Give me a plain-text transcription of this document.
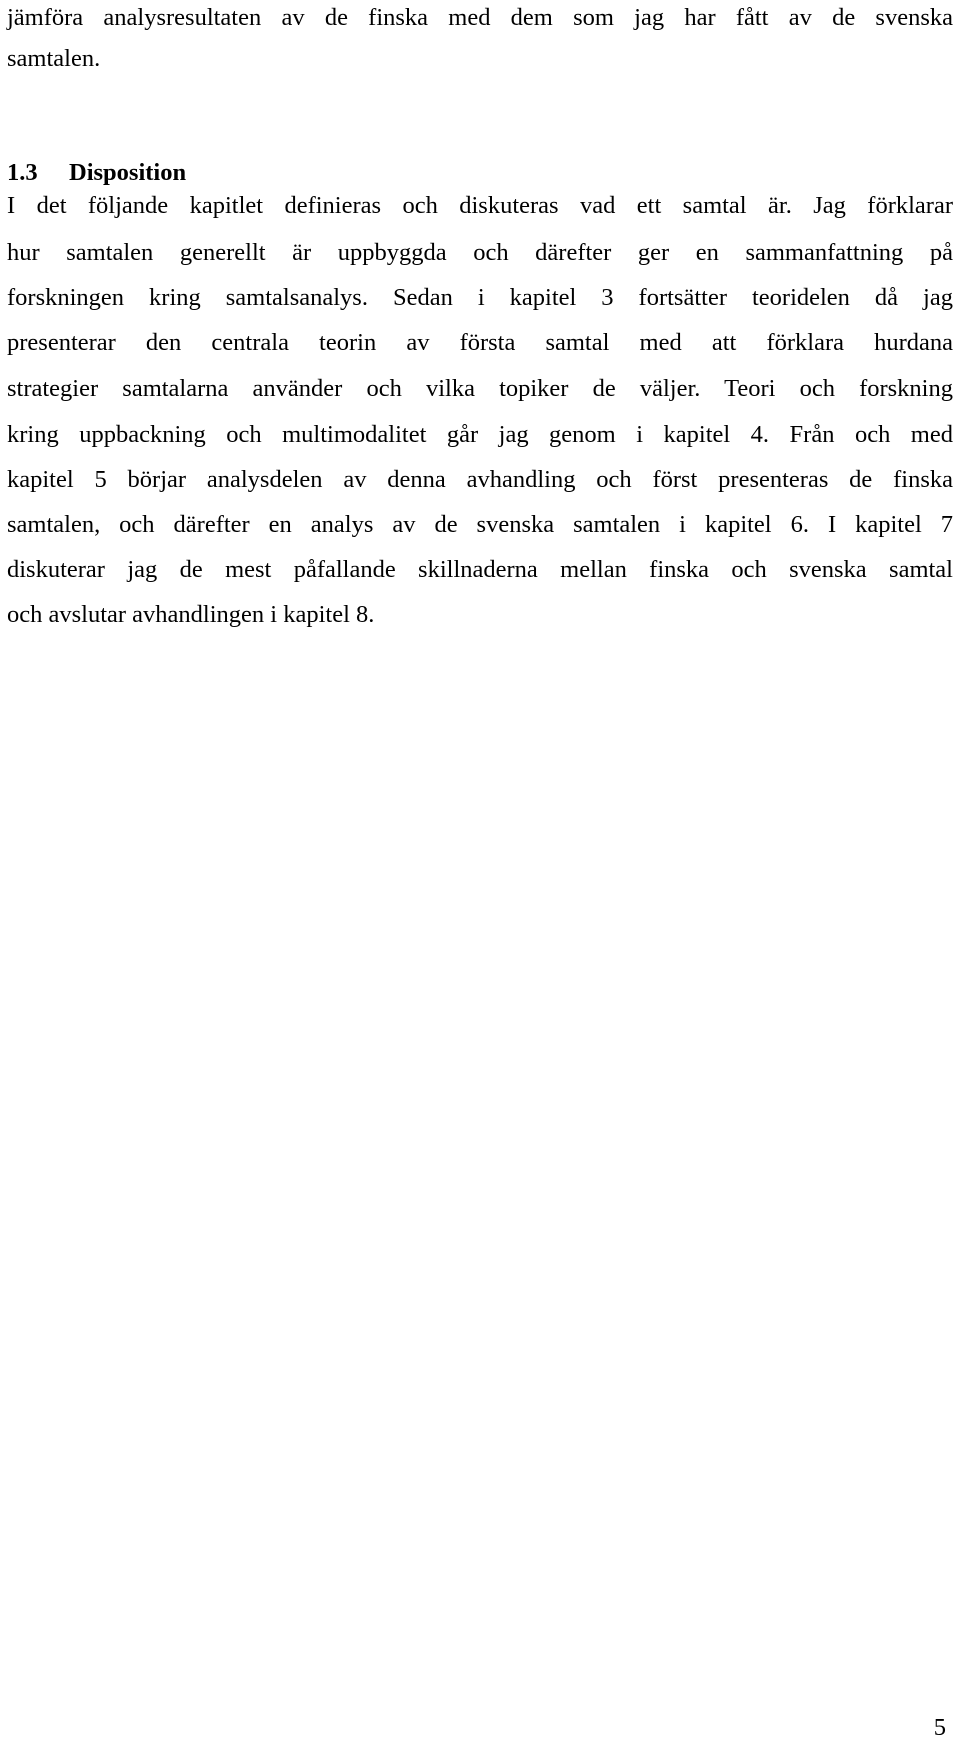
jämföra analysresultaten av de finska med dem som jag har fått av de svenska
samtalen.
1.3 Disposition
I det följande kapitlet definieras och diskuteras vad ett samtal är. Jag förklarar
hur samtalen generellt är uppbyggda och därefter ger en sammanfattning på
forskningen kring samtalsanalys. Sedan i kapitel 3 fortsätter teoridelen då jag
presenterar den centrala teorin av första samtal med att förklara hurdana
strategier samtalarna använder och vilka topiker de väljer. Teori och forskning
kring uppbackning och multimodalitet går jag genom i kapitel 4. Från och med
kapitel 5 börjar analysdelen av denna avhandling och först presenteras de finska
samtalen, och därefter en analys av de svenska samtalen i kapitel 6. I kapitel 7
diskuterar jag de mest påfallande skillnaderna mellan finska och svenska samtal
och avslutar avhandlingen i kapitel 8.
5
